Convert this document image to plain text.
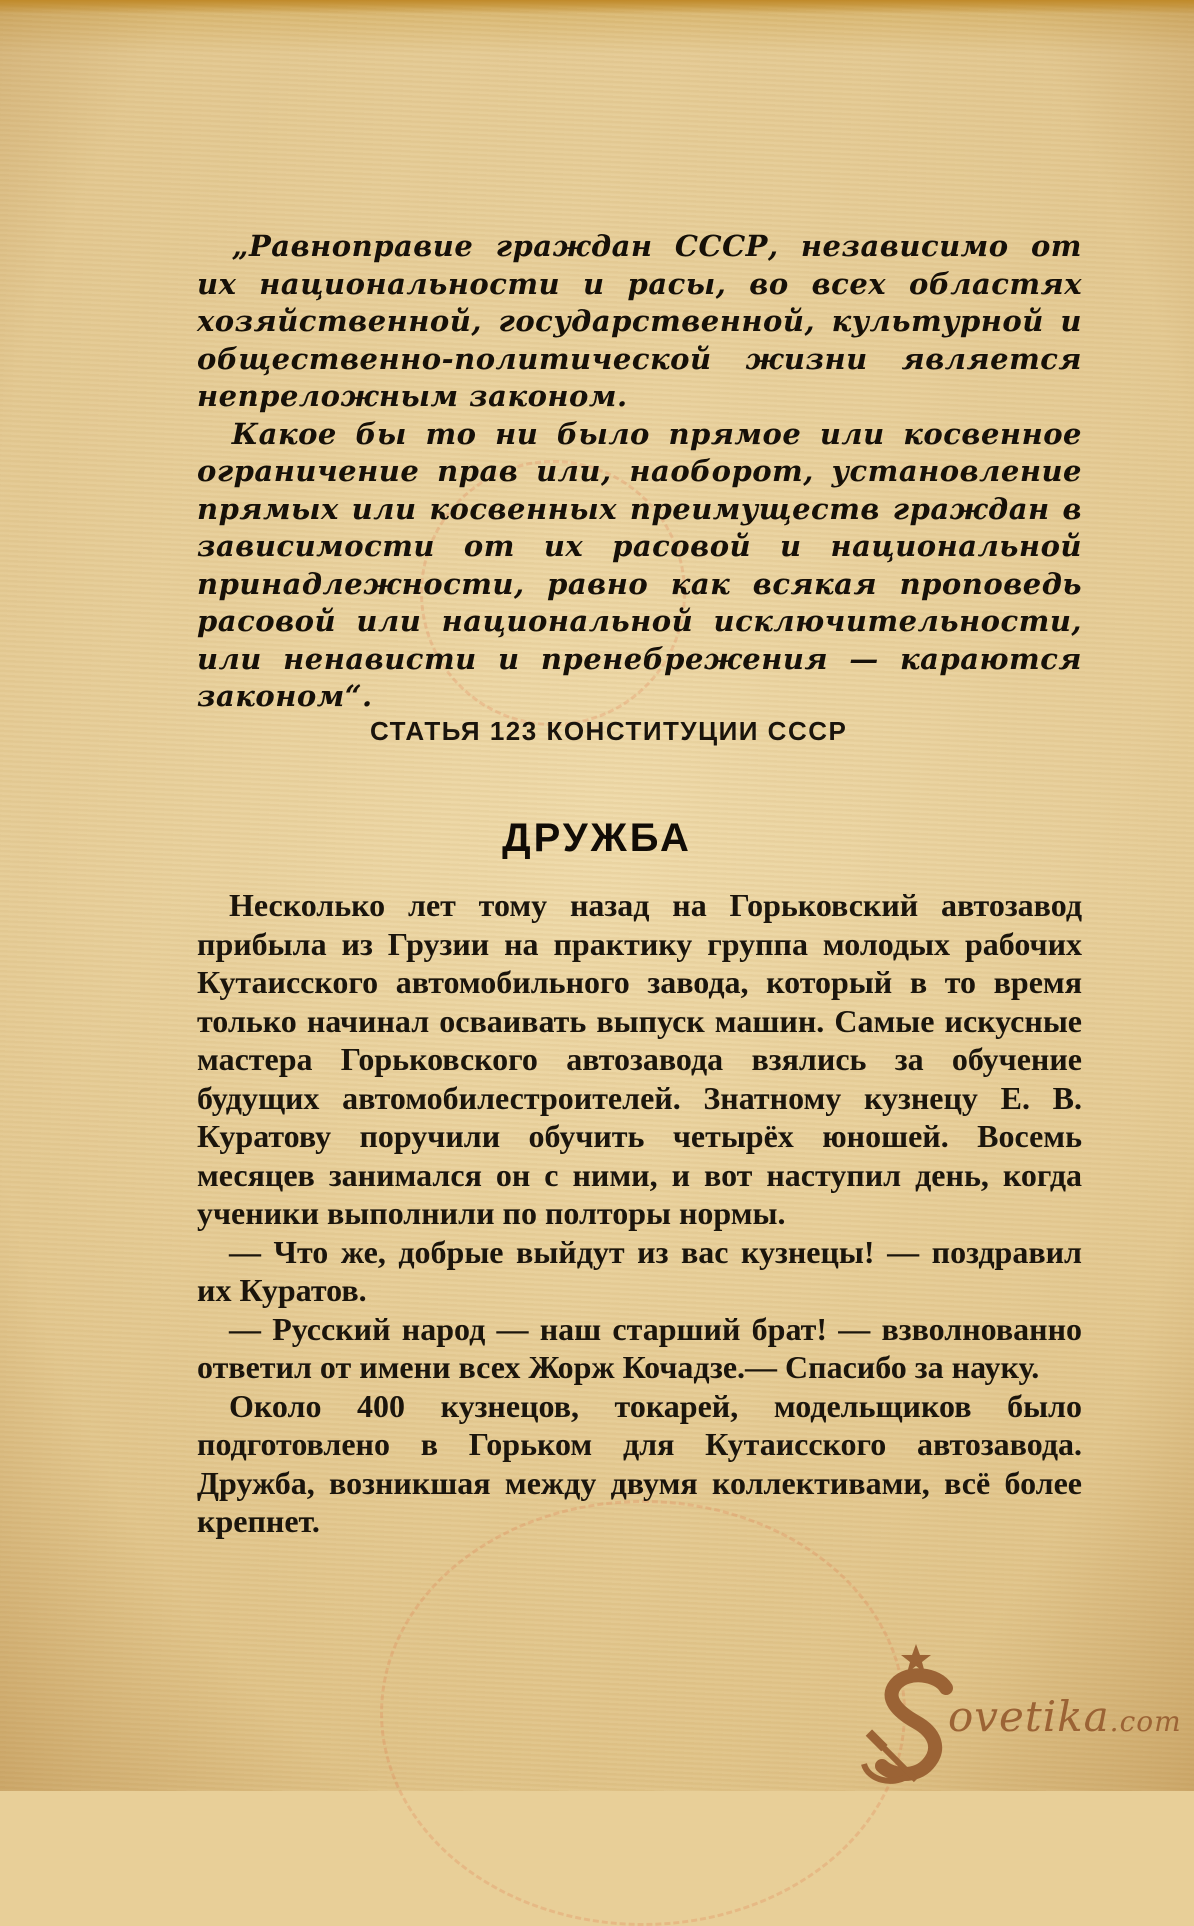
„Равноправие граждан СССР, независимо от их национальности и расы, во всех областях хозяйственной, государственной, культурной и общественно-политической жизни является непреложным законом.

Какое бы то ни было прямое или косвенное ограничение прав или, наоборот, установление прямых или косвенных преимуществ граждан в зависимости от их расовой и национальной принадлежности, равно как всякая проповедь расовой или национальной исключительности, или ненависти и пренебрежения — караются законом“.

СТАТЬЯ 123 КОНСТИТУЦИИ СССР
ДРУЖБА

Несколько лет тому назад на Горьковский автозавод прибыла из Грузии на практику группа молодых рабочих Кутаисского автомобильного завода, который в то время только начинал осваивать выпуск машин. Самые искусные мастера Горьковского автозавода взялись за обучение будущих автомобилестроителей. Знатному кузнецу Е. В. Куратову поручили обучить четырёх юношей. Восемь месяцев занимался он с ними, и вот наступил день, когда ученики выполнили по полторы нормы.

— Что же, добрые выйдут из вас кузнецы! — поздравил их Куратов.

— Русский народ — наш старший брат! — взволнованно ответил от имени всех Жорж Кочадзе.— Спасибо за науку.

Около 400 кузнецов, токарей, модельщиков было подготовлено в Горьком для Кутаисского автозавода. Дружба, возникшая между двумя коллективами, всё более крепнет.

ovetika.com
